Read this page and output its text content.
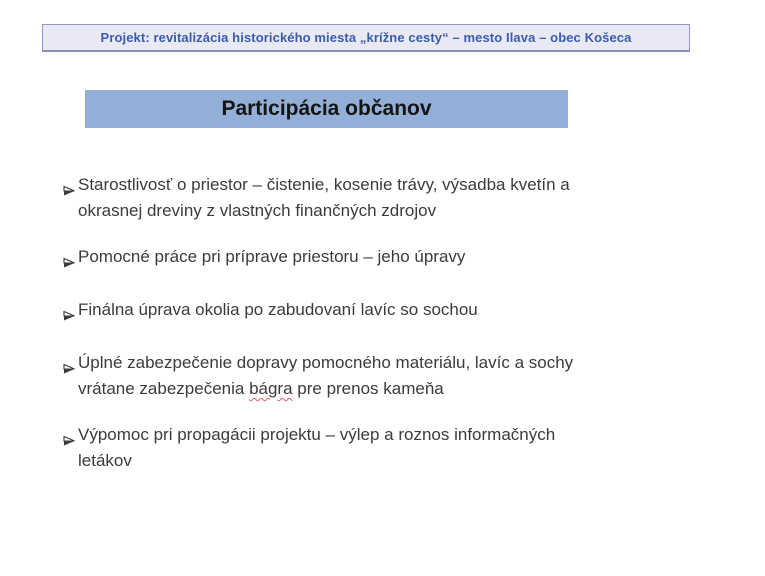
Projekt: revitalizácia historického miesta „krížne cesty“ – mesto Ilava – obec Košeca
Participácia občanov
Starostlivosť o priestor – čistenie, kosenie trávy, výsadba kvetín a okrasnej dreviny z vlastných finančných zdrojov
Pomocné práce pri príprave priestoru – jeho úpravy
Finálna úprava okolia po zabudovaní lavíc so sochou
Úplné zabezpečenie dopravy pomocného materiálu, lavíc a sochy vrátane zabezpečenia bágra pre prenos kameňa
Výpomoc pri propagácii projektu – výlep a roznos informačných letákov
